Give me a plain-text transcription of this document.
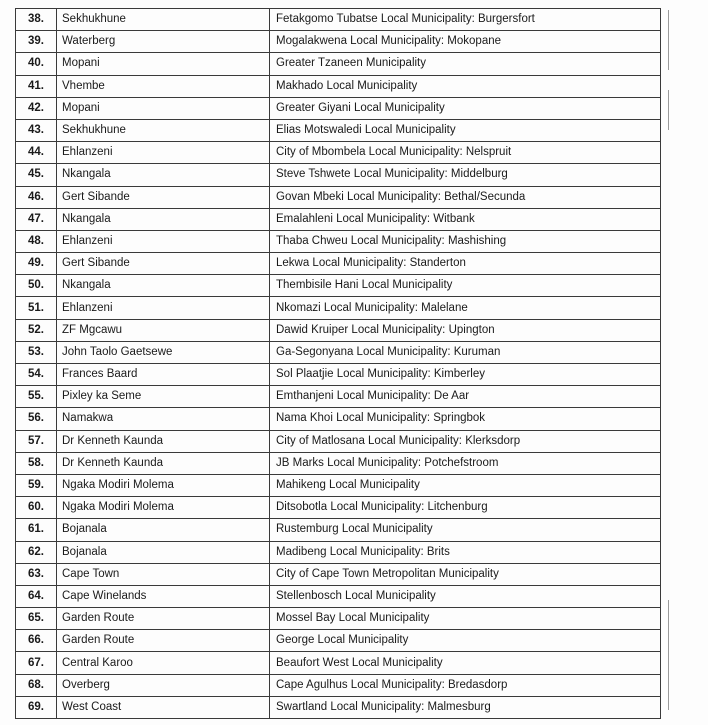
38.	Sekhukhune	Fetakgomo Tubatse Local Municipality: Burgersfort
39.	Waterberg	Mogalakwena Local Municipality: Mokopane
40.	Mopani	Greater Tzaneen Municipality
41.	Vhembe	Makhado Local Municipality
42.	Mopani	Greater Giyani Local Municipality
43.	Sekhukhune	Elias Motswaledi Local Municipality
44.	Ehlanzeni	City of Mbombela Local Municipality: Nelspruit
45.	Nkangala	Steve Tshwete Local Municipality: Middelburg
46.	Gert Sibande	Govan Mbeki Local Municipality: Bethal/Secunda
47.	Nkangala	Emalahleni Local Municipality: Witbank
48.	Ehlanzeni	Thaba Chweu Local Municipality: Mashishing
49.	Gert Sibande	Lekwa Local Municipality: Standerton
50.	Nkangala	Thembisile Hani Local Municipality
51.	Ehlanzeni	Nkomazi Local Municipality: Malelane
52.	ZF Mgcawu	Dawid Kruiper Local Municipality: Upington
53.	John Taolo Gaetsewe	Ga-Segonyana Local Municipality: Kuruman
54.	Frances Baard	Sol Plaatjie Local Municipality: Kimberley
55.	Pixley ka Seme	Emthanjeni Local Municipality: De Aar
56.	Namakwa	Nama Khoi Local Municipality: Springbok
57.	Dr Kenneth Kaunda	City of Matlosana Local Municipality: Klerksdorp
58.	Dr Kenneth Kaunda	JB Marks Local Municipality: Potchefstroom
59.	Ngaka Modiri Molema	Mahikeng Local Municipality
60.	Ngaka Modiri Molema	Ditsobotla Local Municipality: Litchenburg
61.	Bojanala	Rustemburg Local Municipality
62.	Bojanala	Madibeng Local Municipality: Brits
63.	Cape Town	City of Cape Town Metropolitan Municipality
64.	Cape Winelands	Stellenbosch Local Municipality
65.	Garden Route	Mossel Bay Local Municipality
66.	Garden Route	George Local Municipality
67.	Central Karoo	Beaufort West Local Municipality
68.	Overberg	Cape Agulhus Local Municipality: Bredasdorp
69.	West Coast	Swartland Local Municipality: Malmesburg
